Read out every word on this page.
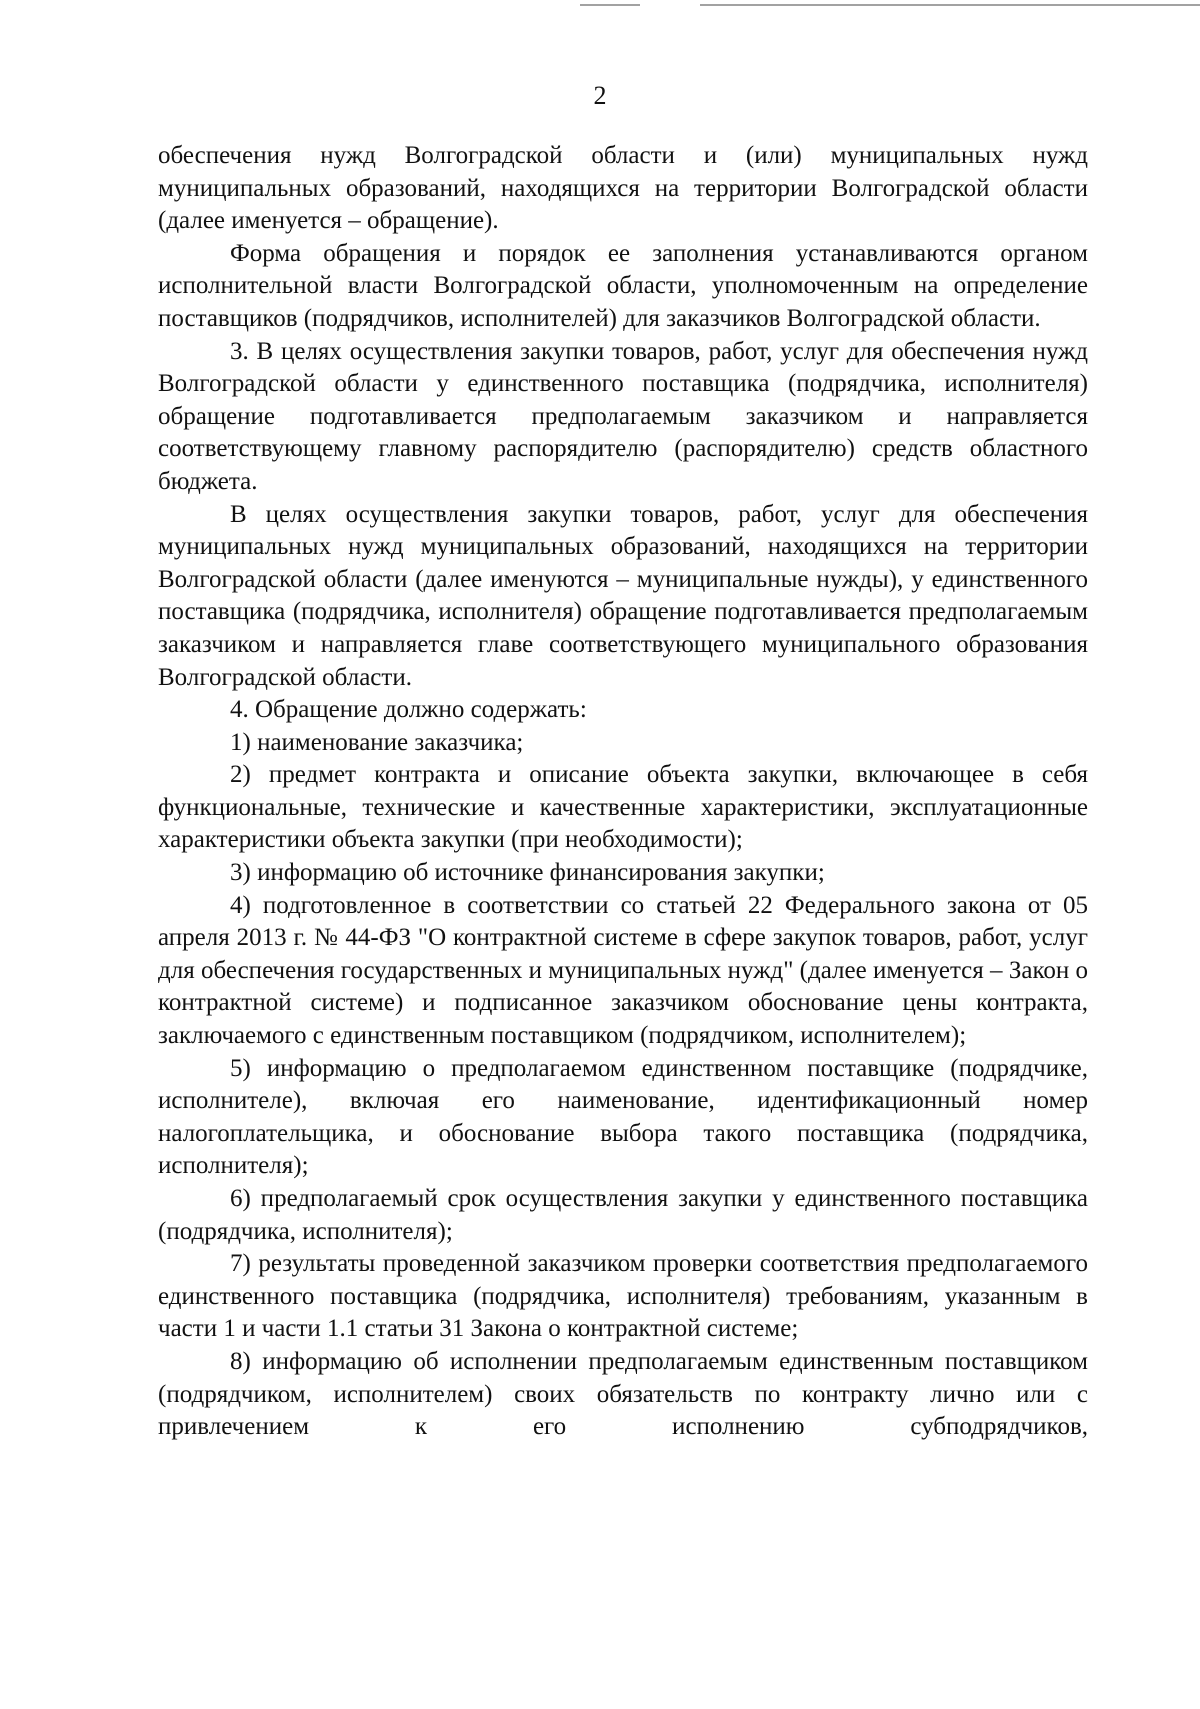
2

обеспечения нужд Волгоградской области и (или) муниципальных нужд муниципальных образований, находящихся на территории Волгоградской области (далее именуется – обращение).

Форма обращения и порядок ее заполнения устанавливаются органом исполнительной власти Волгоградской области, уполномоченным на определение поставщиков (подрядчиков, исполнителей) для заказчиков Волгоградской области.

3. В целях осуществления закупки товаров, работ, услуг для обеспечения нужд Волгоградской области у единственного поставщика (подрядчика, исполнителя) обращение подготавливается предполагаемым заказчиком и направляется соответствующему главному распорядителю (распорядителю) средств областного бюджета.

В целях осуществления закупки товаров, работ, услуг для обеспечения муниципальных нужд муниципальных образований, находящихся на территории Волгоградской области (далее именуются – муниципальные нужды), у единственного поставщика (подрядчика, исполнителя) обращение подготавливается предполагаемым заказчиком и направляется главе соответствующего муниципального образования Волгоградской области.

4. Обращение должно содержать:

1) наименование заказчика;

2) предмет контракта и описание объекта закупки, включающее в себя функциональные, технические и качественные характеристики, эксплуатационные характеристики объекта закупки (при необходимости);

3) информацию об источнике финансирования закупки;

4) подготовленное в соответствии со статьей 22 Федерального закона от 05 апреля 2013 г. № 44-ФЗ "О контрактной системе в сфере закупок товаров, работ, услуг для обеспечения государственных и муниципальных нужд" (далее именуется – Закон о контрактной системе) и подписанное заказчиком обоснование цены контракта, заключаемого с единственным поставщиком (подрядчиком, исполнителем);

5) информацию о предполагаемом единственном поставщике (подрядчике, исполнителе), включая его наименование, идентификационный номер налогоплательщика, и обоснование выбора такого поставщика (подрядчика, исполнителя);

6) предполагаемый срок осуществления закупки у единственного поставщика (подрядчика, исполнителя);

7) результаты проведенной заказчиком проверки соответствия предполагаемого единственного поставщика (подрядчика, исполнителя) требованиям, указанным в части 1 и части 1.1 статьи 31 Закона о контрактной системе;

8) информацию об исполнении предполагаемым единственным поставщиком (подрядчиком, исполнителем) своих обязательств по контракту лично или с привлечением к его исполнению субподрядчиков,
